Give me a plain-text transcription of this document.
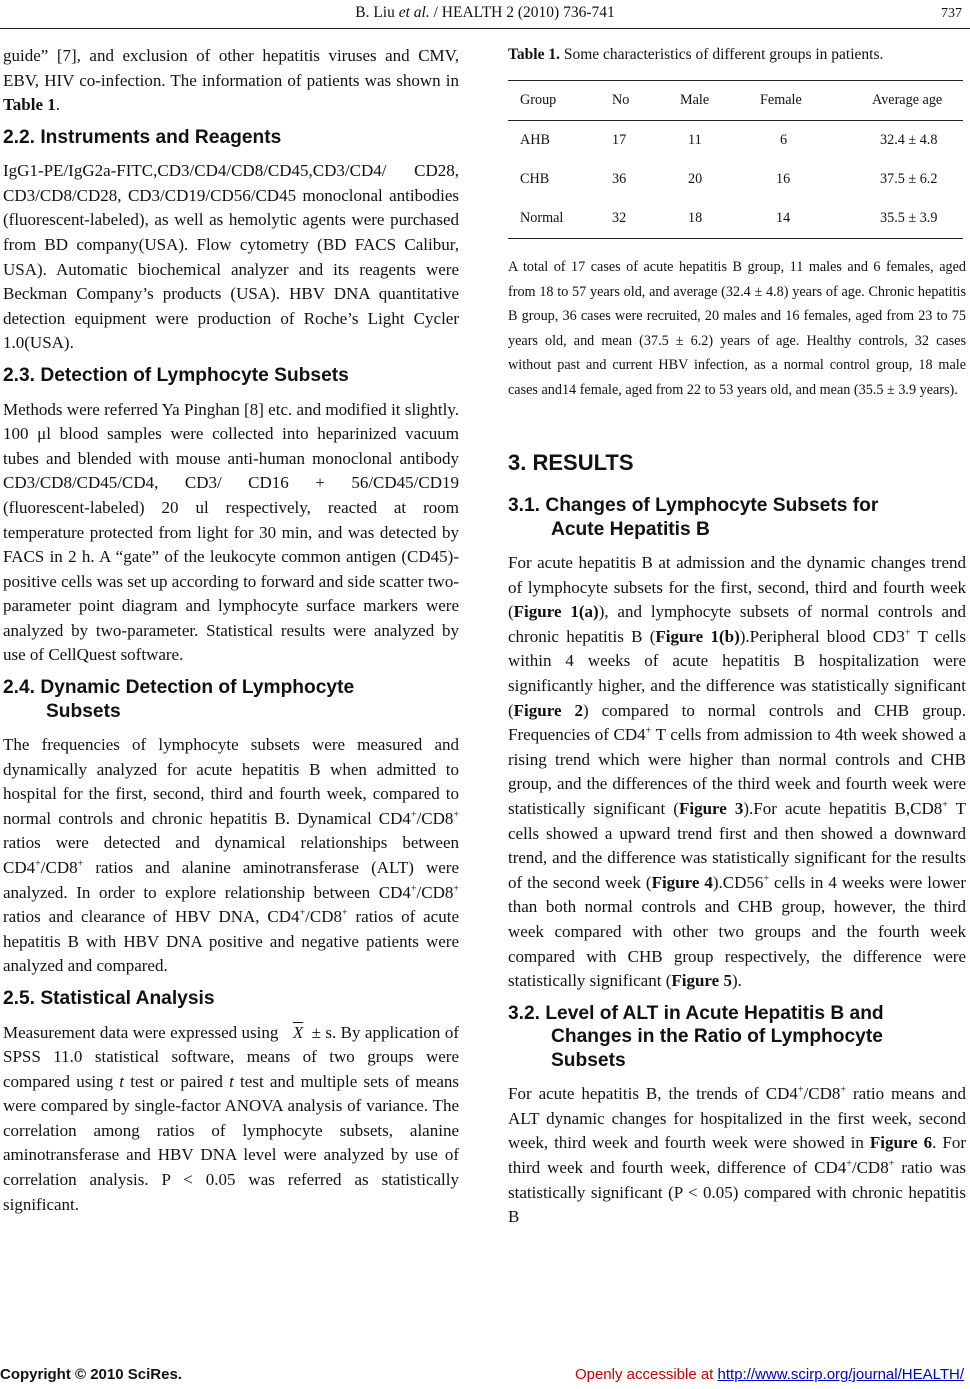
B. Liu et al. / HEALTH 2 (2010) 736-741	737

guide” [7], and exclusion of other hepatitis viruses and CMV, EBV, HIV co-infection. The information of patients was shown in Table 1.

2.2. Instruments and Reagents

IgG1-PE/IgG2a-FITC,CD3/CD4/CD8/CD45,CD3/CD4/ CD28, CD3/CD8/CD28, CD3/CD19/CD56/CD45 monoclonal antibodies (fluorescent-labeled), as well as hemolytic agents were purchased from BD company(USA). Flow cytometry (BD FACS Calibur, USA). Automatic biochemical analyzer and its reagents were Beckman Company’s products (USA). HBV DNA quantitative detection equipment were production of Roche’s Light Cycler 1.0(USA).

2.3. Detection of Lymphocyte Subsets

Methods were referred Ya Pinghan [8] etc. and modified it slightly. 100 μl blood samples were collected into heparinized vacuum tubes and blended with mouse anti-human monoclonal antibody CD3/CD8/CD45/CD4, CD3/ CD16 + 56/CD45/CD19 (fluorescent-labeled) 20 ul respectively, reacted at room temperature protected from light for 30 min, and was detected by FACS in 2 h. A “gate” of the leukocyte common antigen (CD45)-positive cells was set up according to forward and side scatter two-parameter point diagram and lymphocyte surface markers were analyzed by two-parameter. Statistical results were analyzed by use of CellQuest software.

2.4. Dynamic Detection of Lymphocyte
Subsets

The frequencies of lymphocyte subsets were measured and dynamically analyzed for acute hepatitis B when admitted to hospital for the first, second, third and fourth week, compared to normal controls and chronic hepatitis B. Dynamical CD4+/CD8+ ratios were detected and dynamical relationships between CD4+/CD8+ ratios and alanine aminotransferase (ALT) were analyzed. In order to explore relationship between CD4+/CD8+ ratios and clearance of HBV DNA, CD4+/CD8+ ratios of acute hepatitis B with HBV DNA positive and negative patients were analyzed and compared.

2.5. Statistical Analysis

Measurement data were expressed using $\overline{X} \pm s$. By application of SPSS 11.0 statistical software, means of two groups were compared using t test or paired t test and multiple sets of means were compared by single-factor ANOVA analysis of variance. The correlation among ratios of lymphocyte subsets, alanine aminotransferase and HBV DNA level were analyzed by use of correlation analysis. P < 0.05 was referred as statistically significant.

Table 1. Some characteristics of different groups in patients.
Group	No	Male	Female	Average age
AHB	17	11	6	32.4 ± 4.8
CHB	36	20	16	37.5 ± 6.2
Normal	32	18	14	35.5 ± 3.9

A total of 17 cases of acute hepatitis B group, 11 males and 6 females, aged from 18 to 57 years old, and average (32.4 ± 4.8) years of age. Chronic hepatitis B group, 36 cases were recruited, 20 males and 16 females, aged from 23 to 75 years old, and mean (37.5 ± 6.2) years of age. Healthy controls, 32 cases without past and current HBV infection, as a normal control group, 18 male cases and14 female, aged from 22 to 53 years old, and mean (35.5 ± 3.9 years).

3. RESULTS
3.1. Changes of Lymphocyte Subsets for
Acute Hepatitis B

For acute hepatitis B at admission and the dynamic changes trend of lymphocyte subsets for the first, second, third and fourth week (Figure 1(a)), and lymphocyte subsets of normal controls and chronic hepatitis B (Figure 1(b)).Peripheral blood CD3+ T cells within 4 weeks of acute hepatitis B hospitalization were significantly higher, and the difference was statistically significant (Figure 2) compared to normal controls and CHB group. Frequencies of CD4+ T cells from admission to 4th week showed a rising trend which were higher than normal controls and CHB group, and the differences of the third week and fourth week were statistically significant (Figure 3).For acute hepatitis B,CD8+ T cells showed a upward trend first and then showed a downward trend, and the difference was statistically significant for the results of the second week (Figure 4).CD56+ cells in 4 weeks were lower than both normal controls and CHB group, however, the third week compared with other two groups and the fourth week compared with CHB group respectively, the difference were statistically significant (Figure 5).

3.2. Level of ALT in Acute Hepatitis B and
Changes in the Ratio of Lymphocyte
Subsets

For acute hepatitis B, the trends of CD4+/CD8+ ratio means and ALT dynamic changes for hospitalized in the first week, second week, third week and fourth week were showed in Figure 6. For third week and fourth week, difference of CD4+/CD8+ ratio was statistically significant (P < 0.05) compared with chronic hepatitis B

Copyright © 2010 SciRes.	Openly accessible at http://www.scirp.org/journal/HEALTH/
